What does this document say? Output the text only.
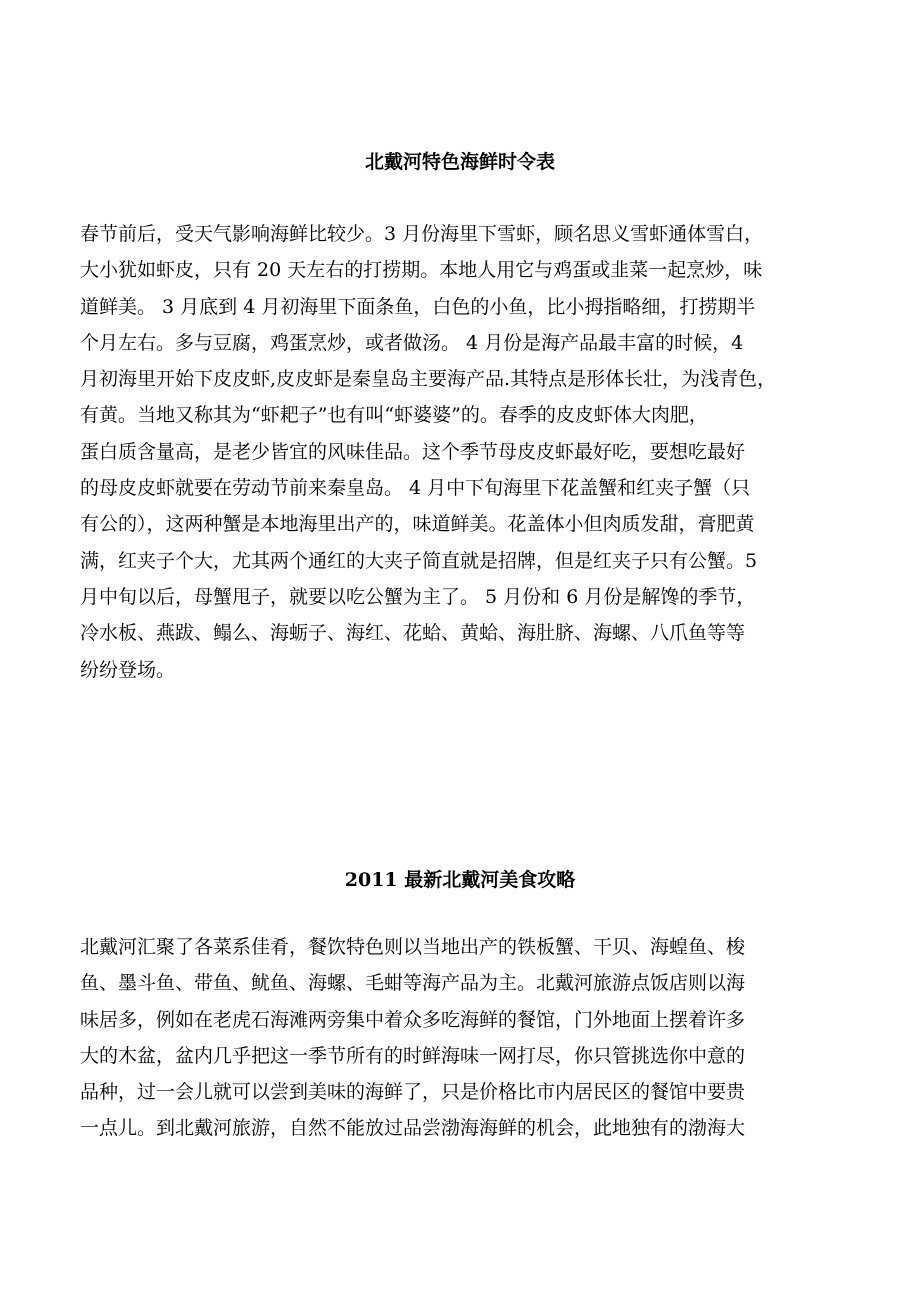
北戴河特色海鲜时令表
春节前后，受天气影响海鲜比较少。3 月份海里下雪虾，顾名思义雪虾通体雪白，
大小犹如虾皮，只有 20 天左右的打捞期。本地人用它与鸡蛋或韭菜一起烹炒，味
道鲜美。 3 月底到 4 月初海里下面条鱼，白色的小鱼，比小拇指略细，打捞期半
个月左右。多与豆腐，鸡蛋烹炒，或者做汤。 4 月份是海产品最丰富的时候，4
月初海里开始下皮皮虾,皮皮虾是秦皇岛主要海产品.其特点是形体长壮，为浅青色，
有黄。当地又称其为“虾耙子”也有叫“虾婆婆”的。春季的皮皮虾体大肉肥，
蛋白质含量高，是老少皆宜的风味佳品。这个季节母皮皮虾最好吃，要想吃最好
的母皮皮虾就要在劳动节前来秦皇岛。 4 月中下旬海里下花盖蟹和红夹子蟹（只
有公的），这两种蟹是本地海里出产的，味道鲜美。花盖体小但肉质发甜，膏肥黄
满，红夹子个大，尤其两个通红的大夹子简直就是招牌，但是红夹子只有公蟹。5
月中旬以后，母蟹甩子，就要以吃公蟹为主了。 5 月份和 6 月份是解馋的季节，
冷水板、燕跋、鳎么、海蛎子、海红、花蛤、黄蛤、海肚脐、海螺、八爪鱼等等
纷纷登场。
2011 最新北戴河美食攻略
北戴河汇聚了各菜系佳肴，餐饮特色则以当地出产的铁板蟹、干贝、海蝗鱼、梭
鱼、墨斗鱼、带鱼、鱿鱼、海螺、毛蚶等海产品为主。北戴河旅游点饭店则以海
味居多，例如在老虎石海滩两旁集中着众多吃海鲜的餐馆，门外地面上摆着许多
大的木盆，盆内几乎把这一季节所有的时鲜海味一网打尽，你只管挑选你中意的
品种，过一会儿就可以尝到美味的海鲜了，只是价格比市内居民区的餐馆中要贵
一点儿。到北戴河旅游，自然不能放过品尝渤海海鲜的机会，此地独有的渤海大
